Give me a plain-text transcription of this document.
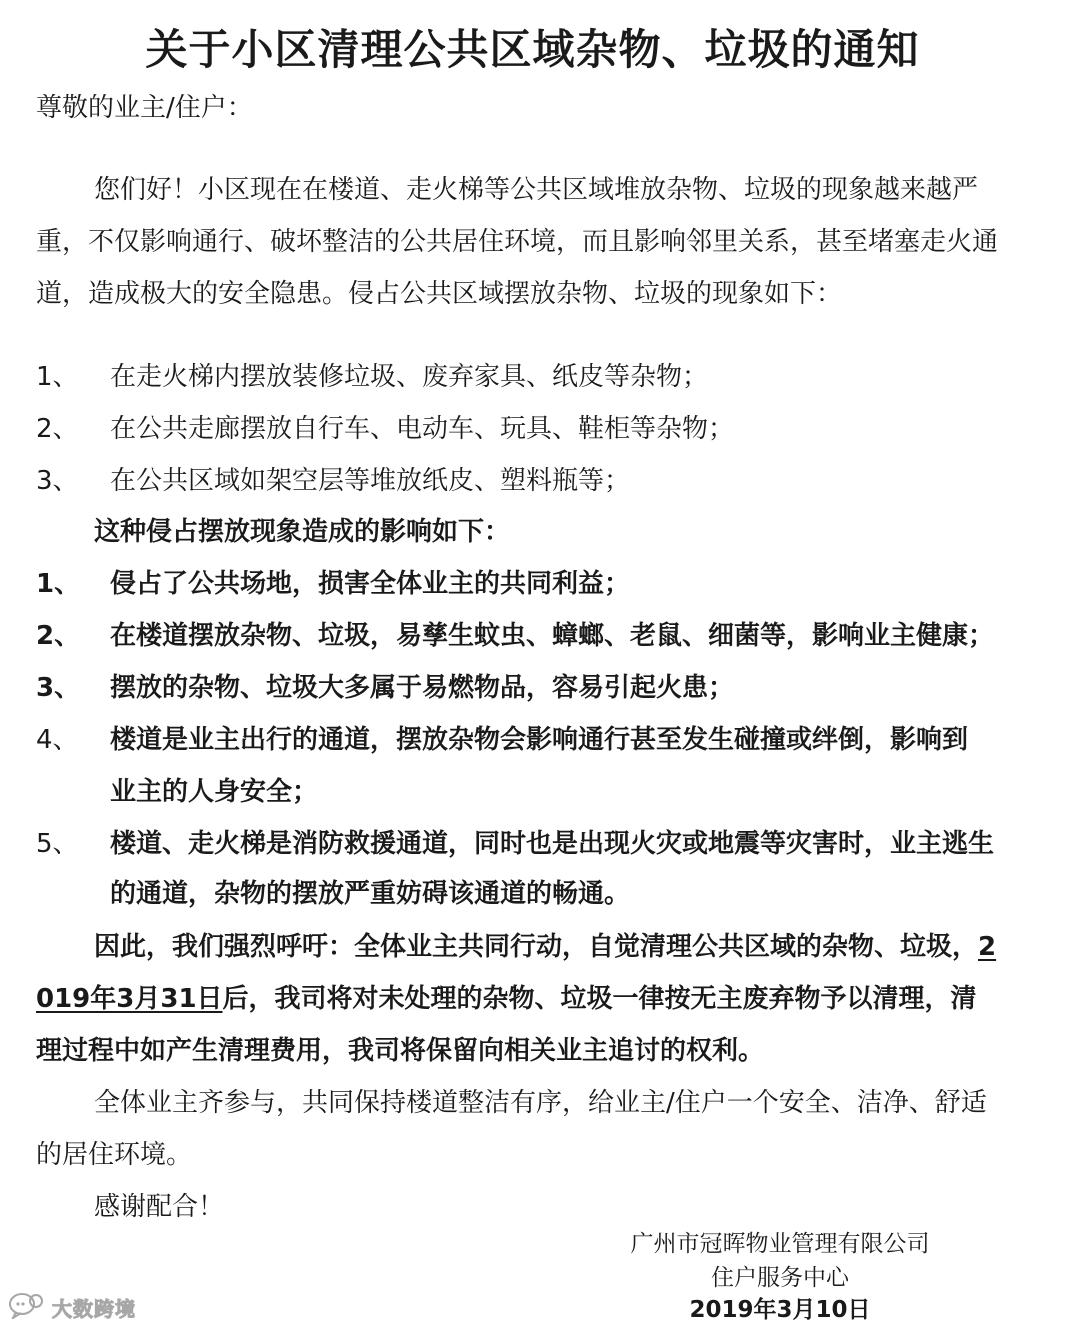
关于小区清理公共区域杂物、垃圾的通知
尊敬的业主/住户：
您们好！小区现在在楼道、走火梯等公共区域堆放杂物、垃圾的现象越来越严
重，不仅影响通行、破坏整洁的公共居住环境，而且影响邻里关系，甚至堵塞走火通
道，造成极大的安全隐患。侵占公共区域摆放杂物、垃圾的现象如下：
1、 在走火梯内摆放装修垃圾、废弃家具、纸皮等杂物；
2、 在公共走廊摆放自行车、电动车、玩具、鞋柜等杂物；
3、 在公共区域如架空层等堆放纸皮、塑料瓶等；
这种侵占摆放现象造成的影响如下：
1、 侵占了公共场地，损害全体业主的共同利益；
2、 在楼道摆放杂物、垃圾，易孳生蚊虫、蟑螂、老鼠、细菌等，影响业主健康；
3、 摆放的杂物、垃圾大多属于易燃物品，容易引起火患；
4、 楼道是业主出行的通道，摆放杂物会影响通行甚至发生碰撞或绊倒，影响到
业主的人身安全；
5、 楼道、走火梯是消防救援通道，同时也是出现火灾或地震等灾害时，业主逃生
的通道，杂物的摆放严重妨碍该通道的畅通。
因此，我们强烈呼吁：全体业主共同行动，自觉清理公共区域的杂物、垃圾，2
019年3月31日后，我司将对未处理的杂物、垃圾一律按无主废弃物予以清理，清
理过程中如产生清理费用，我司将保留向相关业主追讨的权利。
全体业主齐参与，共同保持楼道整洁有序，给业主/住户一个安全、洁净、舒适
的居住环境。
感谢配合！
广州市冠晖物业管理有限公司
住户服务中心
2019年3月10日
大数跨境
